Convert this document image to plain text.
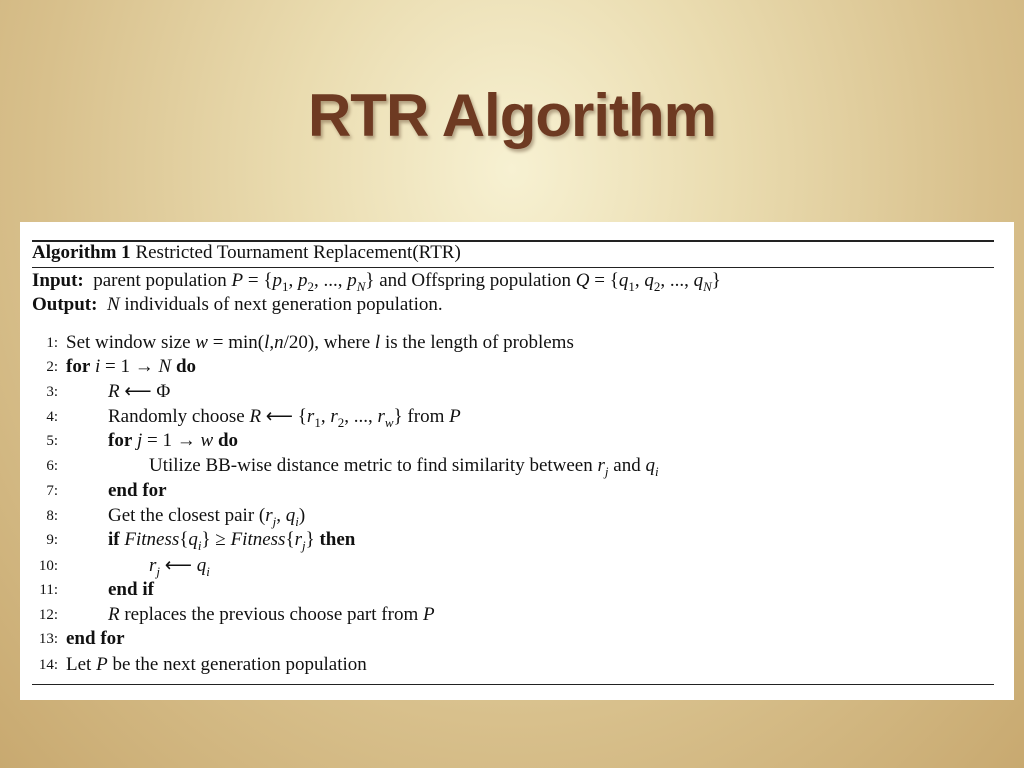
RTR Algorithm
Algorithm 1 Restricted Tournament Replacement(RTR)
Input: parent population $P = \{p_1$, $p_2$, ..., $p_N$} and Offspring population $Q = \{q_1$, $q_2$, ..., $q_N$}
Output: N individuals of next generation population.
1: Set window size w = min(l,n/20), where l is the length of problems
2: for i = 1 → N do
3:	R ⟵ Φ
4:	Randomly choose R ⟵ {$r_1$, $r_2$, ..., $r_w$} from P
5:	for j = 1 → w do
6:	Utilize BB-wise distance metric to find similarity between $r_j$ and $q_i$
7:	end for
8:	Get the closest pair ($r_j$, $q_i$)
9:	if $Fitness\{q_i\}$ ≥ $Fitness\{r_j\}$ then
10:	$r_j$ ⟵ $q_i$
11:	end if
12:	R replaces the previous choose part from P
13: end for
14: Let P be the next generation population
